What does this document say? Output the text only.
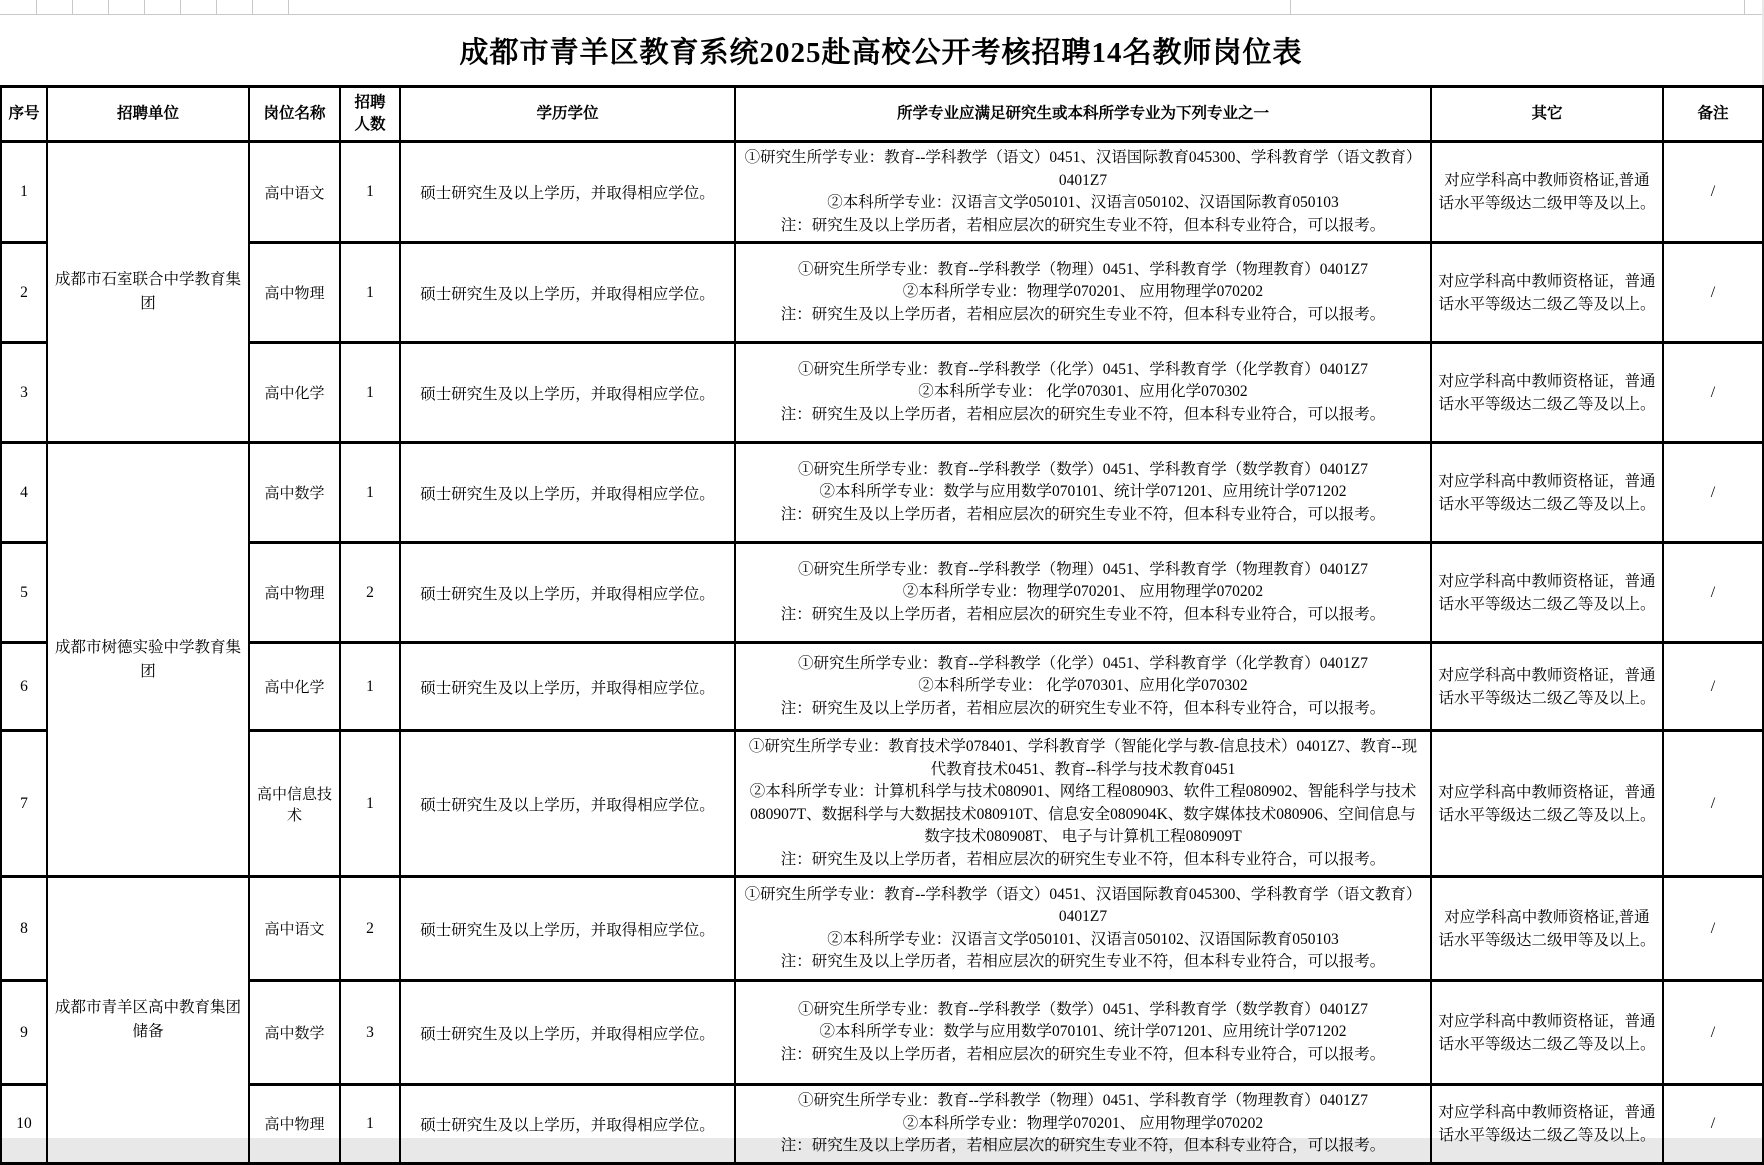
成都市青羊区教育系统2025赴高校公开考核招聘14名教师岗位表
序号	招聘单位	岗位名称	招聘人数	学历学位	所学专业应满足研究生或本科所学专业为下列专业之一	其它	备注
1	成都市石室联合中学教育集团	高中语文	1	硕士研究生及以上学历，并取得相应学位。	①研究生所学专业：教育--学科教学（语文）0451、汉语国际教育045300、学科教育学（语文教育）0401Z7
②本科所学专业：汉语言文学050101、汉语言050102、汉语国际教育050103
注：研究生及以上学历者，若相应层次的研究生专业不符，但本科专业符合，可以报考。	对应学科高中教师资格证,普通话水平等级达二级甲等及以上。	/
2		高中物理	1	硕士研究生及以上学历，并取得相应学位。	①研究生所学专业：教育--学科教学（物理）0451、学科教育学（物理教育）0401Z7
②本科所学专业：物理学070201、 应用物理学070202
注：研究生及以上学历者，若相应层次的研究生专业不符，但本科专业符合，可以报考。	对应学科高中教师资格证，普通话水平等级达二级乙等及以上。	/
3		高中化学	1	硕士研究生及以上学历，并取得相应学位。	①研究生所学专业：教育--学科教学（化学）0451、学科教育学（化学教育）0401Z7
②本科所学专业： 化学070301、应用化学070302
注：研究生及以上学历者，若相应层次的研究生专业不符，但本科专业符合，可以报考。	对应学科高中教师资格证，普通话水平等级达二级乙等及以上。	/
4	成都市树德实验中学教育集团	高中数学	1	硕士研究生及以上学历，并取得相应学位。	①研究生所学专业：教育--学科教学（数学）0451、学科教育学（数学教育）0401Z7
②本科所学专业：数学与应用数学070101、统计学071201、应用统计学071202
注：研究生及以上学历者，若相应层次的研究生专业不符，但本科专业符合，可以报考。	对应学科高中教师资格证，普通话水平等级达二级乙等及以上。	/
5		高中物理	2	硕士研究生及以上学历，并取得相应学位。	①研究生所学专业：教育--学科教学（物理）0451、学科教育学（物理教育）0401Z7
②本科所学专业：物理学070201、 应用物理学070202
注：研究生及以上学历者，若相应层次的研究生专业不符，但本科专业符合，可以报考。	对应学科高中教师资格证，普通话水平等级达二级乙等及以上。	/
6		高中化学	1	硕士研究生及以上学历，并取得相应学位。	①研究生所学专业：教育--学科教学（化学）0451、学科教育学（化学教育）0401Z7
②本科所学专业： 化学070301、应用化学070302
注：研究生及以上学历者，若相应层次的研究生专业不符，但本科专业符合，可以报考。	对应学科高中教师资格证，普通话水平等级达二级乙等及以上。	/
7		高中信息技术	1	硕士研究生及以上学历，并取得相应学位。	①研究生所学专业：教育技术学078401、学科教育学（智能化学与教-信息技术）0401Z7、教育--现代教育技术0451、教育--科学与技术教育0451
②本科所学专业：计算机科学与技术080901、网络工程080903、软件工程080902、智能科学与技术080907T、数据科学与大数据技术080910T、信息安全080904K、数字媒体技术080906、空间信息与数字技术080908T、 电子与计算机工程080909T
注：研究生及以上学历者，若相应层次的研究生专业不符，但本科专业符合，可以报考。	对应学科高中教师资格证，普通话水平等级达二级乙等及以上。	/
8	成都市青羊区高中教育集团储备	高中语文	2	硕士研究生及以上学历，并取得相应学位。	①研究生所学专业：教育--学科教学（语文）0451、汉语国际教育045300、学科教育学（语文教育）0401Z7
②本科所学专业：汉语言文学050101、汉语言050102、汉语国际教育050103
注：研究生及以上学历者，若相应层次的研究生专业不符，但本科专业符合，可以报考。	对应学科高中教师资格证,普通话水平等级达二级甲等及以上。	/
9		高中数学	3	硕士研究生及以上学历，并取得相应学位。	①研究生所学专业：教育--学科教学（数学）0451、学科教育学（数学教育）0401Z7
②本科所学专业：数学与应用数学070101、统计学071201、应用统计学071202
注：研究生及以上学历者，若相应层次的研究生专业不符，但本科专业符合，可以报考。	对应学科高中教师资格证，普通话水平等级达二级乙等及以上。	/
10		高中物理	1	硕士研究生及以上学历，并取得相应学位。	①研究生所学专业：教育--学科教学（物理）0451、学科教育学（物理教育）0401Z7
②本科所学专业：物理学070201、 应用物理学070202
注：研究生及以上学历者，若相应层次的研究生专业不符，但本科专业符合，可以报考。	对应学科高中教师资格证，普通话水平等级达二级乙等及以上。	/
